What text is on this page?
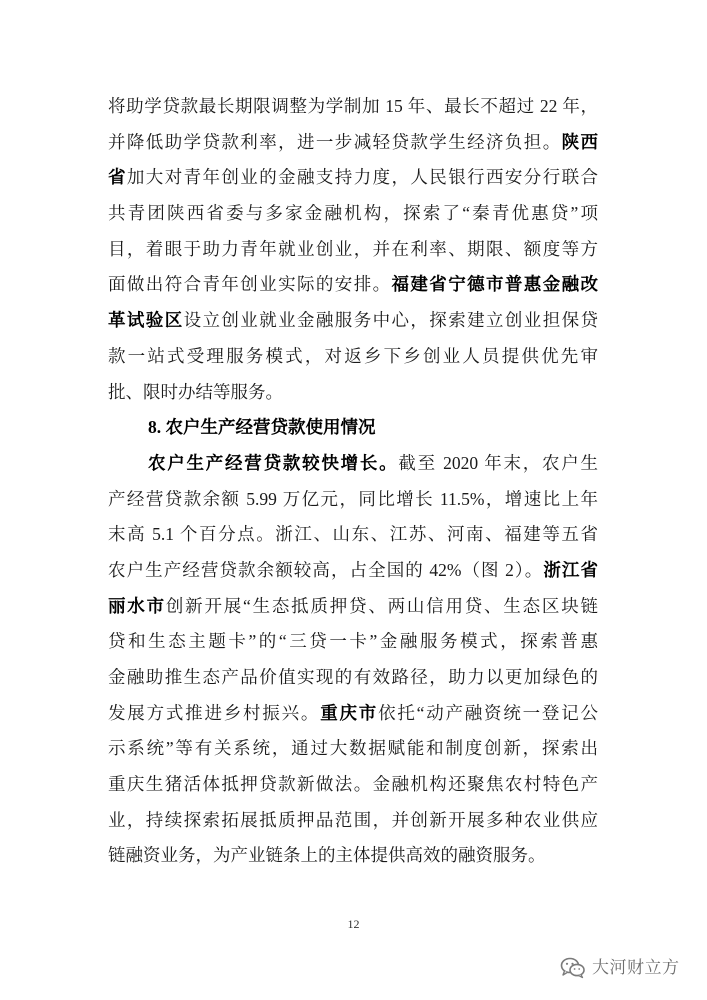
将助学贷款最长期限调整为学制加 15 年、最长不超过 22 年，
并降低助学贷款利率，进一步减轻贷款学生经济负担。陕西
省加大对青年创业的金融支持力度，人民银行西安分行联合
共青团陕西省委与多家金融机构，探索了“秦青优惠贷”项
目，着眼于助力青年就业创业，并在利率、期限、额度等方
面做出符合青年创业实际的安排。福建省宁德市普惠金融改
革试验区设立创业就业金融服务中心，探索建立创业担保贷
款一站式受理服务模式，对返乡下乡创业人员提供优先审
批、限时办结等服务。
8. 农户生产经营贷款使用情况
农户生产经营贷款较快增长。截至 2020 年末，农户生
产经营贷款余额 5.99 万亿元，同比增长 11.5%，增速比上年
末高 5.1 个百分点。浙江、山东、江苏、河南、福建等五省
农户生产经营贷款余额较高，占全国的 42%（图 2）。浙江省
丽水市创新开展“生态抵质押贷、两山信用贷、生态区块链
贷和生态主题卡”的“三贷一卡”金融服务模式，探索普惠
金融助推生态产品价值实现的有效路径，助力以更加绿色的
发展方式推进乡村振兴。重庆市依托“动产融资统一登记公
示系统”等有关系统，通过大数据赋能和制度创新，探索出
重庆生猪活体抵押贷款新做法。金融机构还聚焦农村特色产
业，持续探索拓展抵质押品范围，并创新开展多种农业供应
链融资业务，为产业链条上的主体提供高效的融资服务。
12
大河财立方
